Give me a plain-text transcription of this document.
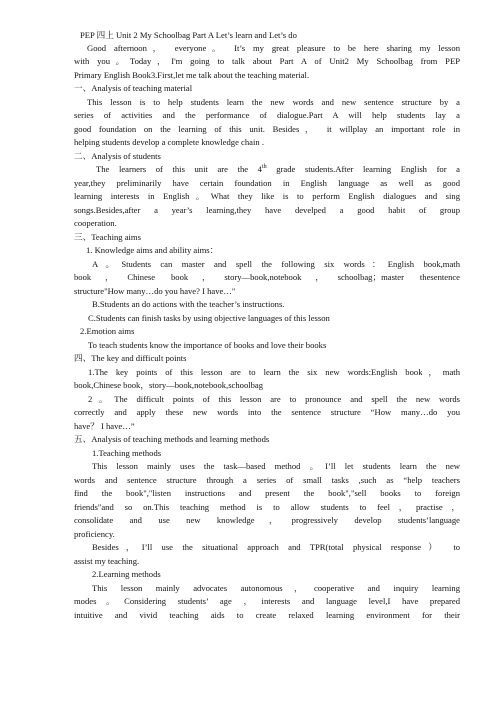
PEP 四上 Unit 2 My Schoolbag Part A Let’s learn and Let’s do
Good afternoon， everyone。 It’s my great pleasure to be here sharing my lesson
with you。Today，I'm going to talk about Part A of Unit2 My Schoolbag from PEP
Primary English Book3.First,let me talk about the teaching material.
一、Analysis of teaching material
This lesson is to help students learn the new words and new sentence structure by a
series of activities and the performance of dialogue.Part A will help students lay a
good foundation on the learning of this unit. Besides， it willplay an important role in
helping students develop a complete knowledge chain .
二、Analysis of students
The learners of this unit are the 4th grade students.After learning English for a
year,they preliminarily have certain foundation in English language as well as good
learning interests in English。What they like is to perform English dialogues and sing
songs.Besides,after a year’s learning,they have develped a good habit of group
cooperation.
三、Teaching aims
1. Knowledge aims and ability aims：
A。Students can master and spell the following six words：English book,math
book，Chinese book，story—book,notebook，schoolbag；master thesentence
structure"How many…do you have? I have…"
B.Students an do actions with the teacher’s instructions.
C.Students can finish tasks by using objective languages of this lesson
2.Emotion aims
To teach students know the importance of books and love their books
四、The key and difficult points
1.The key points of this lesson are to learn the six new words:English book，math
book,Chinese book，story—book,notebook,schoolbag
2。The difficult points of this lesson are to pronounce and spell the new words
correctly and apply these new words into the sentence structure “How many…do you
have？ I have…”
五、Analysis of teaching methods and learning methods
1.Teaching methods
This lesson mainly uses the task—based method 。I’ll let students learn the new
words and sentence structure through a series of small tasks ,such as “help teachers
find the book","listen instructions and present the book","sell books to foreign
friends"and so on.This teaching method is to allow students to feel，practise，
consolidate and use new knowledge，progressively develop students’language
proficiency.
Besides，I’ll use the situational approach and TPR(total physical response） to
assist my teaching.
2.Learning methods
This lesson mainly advocates autonomous，cooperative and inquiry learning
modes。Considering students’ age ，interests and language level,I have prepared
intuitive and vivid teaching aids to create relaxed learning environment for their
